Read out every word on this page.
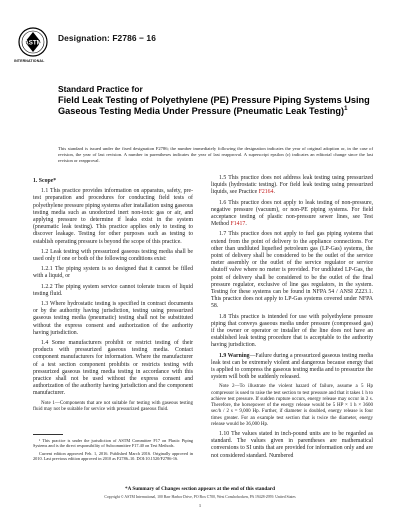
ASTM
INTERNATIONAL
Designation: F2786 − 16
Standard Practice for
Field Leak Testing of Polyethylene (PE) Pressure Piping Systems Using Gaseous Testing Media Under Pressure (Pneumatic Leak Testing)$^1$
This standard is issued under the fixed designation F2786; the number immediately following the designation indicates the year of original adoption or, in the case of revision, the year of last revision. A number in parentheses indicates the year of last reapproval. A superscript epsilon (ε) indicates an editorial change since the last revision or reapproval.

1. Scope*

1.1 This practice provides information on apparatus, safety, pre-test preparation and procedures for conducting field tests of polyethylene pressure piping systems after installation using gaseous testing media such as unodorized inert non-toxic gas or air, and applying pressure to determine if leaks exist in the system (pneumatic leak testing). This practice applies only to testing to discover leakage. Testing for other purposes such as testing to establish operating pressure is beyond the scope of this practice.

1.2 Leak testing with pressurized gaseous testing media shall be used only if one or both of the following conditions exist:

1.2.1 The piping system is so designed that it cannot be filled with a liquid, or

1.2.2 The piping system service cannot tolerate traces of liquid testing fluid.

1.3 Where hydrostatic testing is specified in contract documents or by the authority having jurisdiction, testing using pressurized gaseous testing media (pneumatic) testing shall not be substituted without the express consent and authorization of the authority having jurisdiction.

1.4 Some manufacturers prohibit or restrict testing of their products with pressurized gaseous testing media. Contact component manufacturers for information. Where the manufacturer of a test section component prohibits or restricts testing with pressurized gaseous testing media testing in accordance with this practice shall not be used without the express consent and authorization of the authority having jurisdiction and the component manufacturer.

Note 1—Components that are not suitable for testing with gaseous testing fluid may not be suitable for service with pressurized gaseous fluid.

¹ This practice is under the jurisdiction of ASTM Committee F17 on Plastic Piping Systems and is the direct responsibility of Subcommittee F17.40 on Test Methods.

Current edition approved Feb. 1, 2016. Published March 2016. Originally approved in 2010. Last previous edition approved in 2010 as F2786–10. DOI:10.1520/F2786-16.

1.5 This practice does not address leak testing using pressurized liquids (hydrostatic testing). For field leak testing using pressurized liquids, see Practice F2164.

1.6 This practice does not apply to leak testing of non-pressure, negative pressure (vacuum), or non-PE piping systems. For field acceptance testing of plastic non-pressure sewer lines, see Test Method F1417.

1.7 This practice does not apply to fuel gas piping systems that extend from the point of delivery to the appliance connections. For other than undiluted liquefied petroleum gas (LP-Gas) systems, the point of delivery shall be considered to be the outlet of the service meter assembly or the outlet of the service regulator or service shutoff valve where no meter is provided. For undiluted LP-Gas, the point of delivery shall be considered to be the outlet of the final pressure regulator, exclusive of line gas regulators, in the system. Testing for these systems can be found in NFPA 54 / ANSI Z223.1. This practice does not apply to LP-Gas systems covered under NFPA 58.

1.8 This practice is intended for use with polyethylene pressure piping that conveys gaseous media under pressure (compressed gas) if the owner or operator or installer of the line does not have an established leak testing procedure that is acceptable to the authority having jurisdiction.

1.9 Warning—Failure during a pressurized gaseous testing media leak test can be extremely violent and dangerous because energy that is applied to compress the gaseous testing media and to pressurize the system will both be suddenly released.

Note 2—To illustrate the violent hazard of failure, assume a 5 Hp compressor is used to raise the test section to test pressure and that it takes 1 h to achieve test pressure. If sudden rupture occurs, energy release may occur in 2 s. Therefore, the horsepower of the energy release would be 5 HP × 1 h × 3600 sec/h / 2 s = 9,000 Hp. Further, if diameter is doubled, energy release is four times greater. For an example test section that is twice the diameter, energy release would be 36,000 Hp.

1.10 The values stated in inch-pound units are to be regarded as standard. The values given in parentheses are mathematical conversions to SI units that are provided for information only and are not considered standard. Numbered

*A Summary of Changes section appears at the end of this standard
Copyright © ASTM International, 100 Barr Harbor Drive, PO Box C700, West Conshohocken, PA 19428-2959. United States
1
